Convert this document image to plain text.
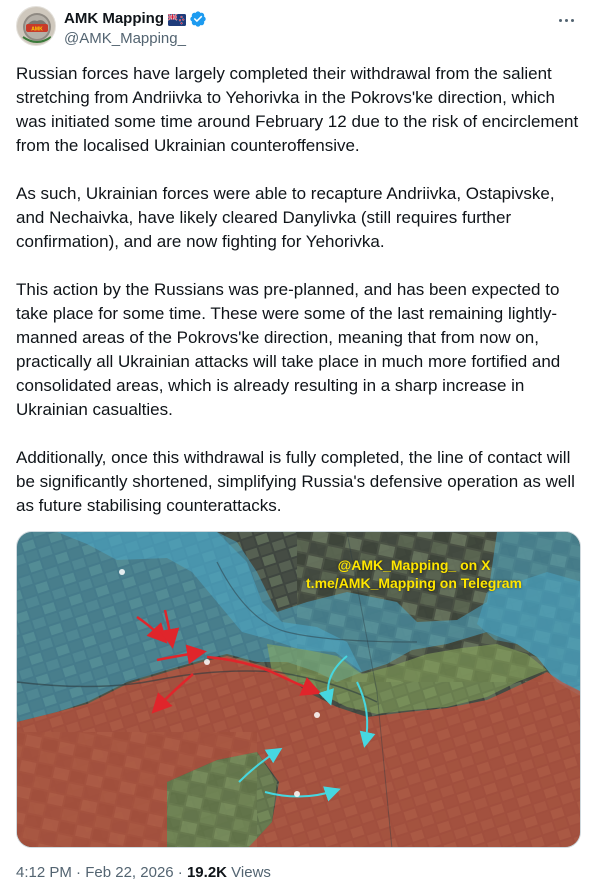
AMK
AMK Mapping
@AMK_Mapping_

Russian forces have largely completed their withdrawal from the salient stretching from Andriivka to Yehorivka in the Pokrovs'ke direction, which was initiated some time around February 12 due to the risk of encirclement from the localised Ukrainian counteroffensive.

As such, Ukrainian forces were able to recapture Andriivka, Ostapivske, and Nechaivka, have likely cleared Danylivka (still requires further confirmation), and are now fighting for Yehorivka.

This action by the Russians was pre-planned, and has been expected to take place for some time. These were some of the last remaining lightly-manned areas of the Pokrovs'ke direction, meaning that from now on, practically all Ukrainian attacks will take place in much more fortified and consolidated areas, which is already resulting in a sharp increase in Ukrainian casualties.

Additionally, once this withdrawal is fully completed, the line of contact will be significantly shortened, simplifying Russia's defensive operation as well as future stabilising counterattacks.

@AMK_Mapping_ on X
t.me/AMK_Mapping on Telegram
4:12 PM · Feb 22, 2026 · 19.2K Views
